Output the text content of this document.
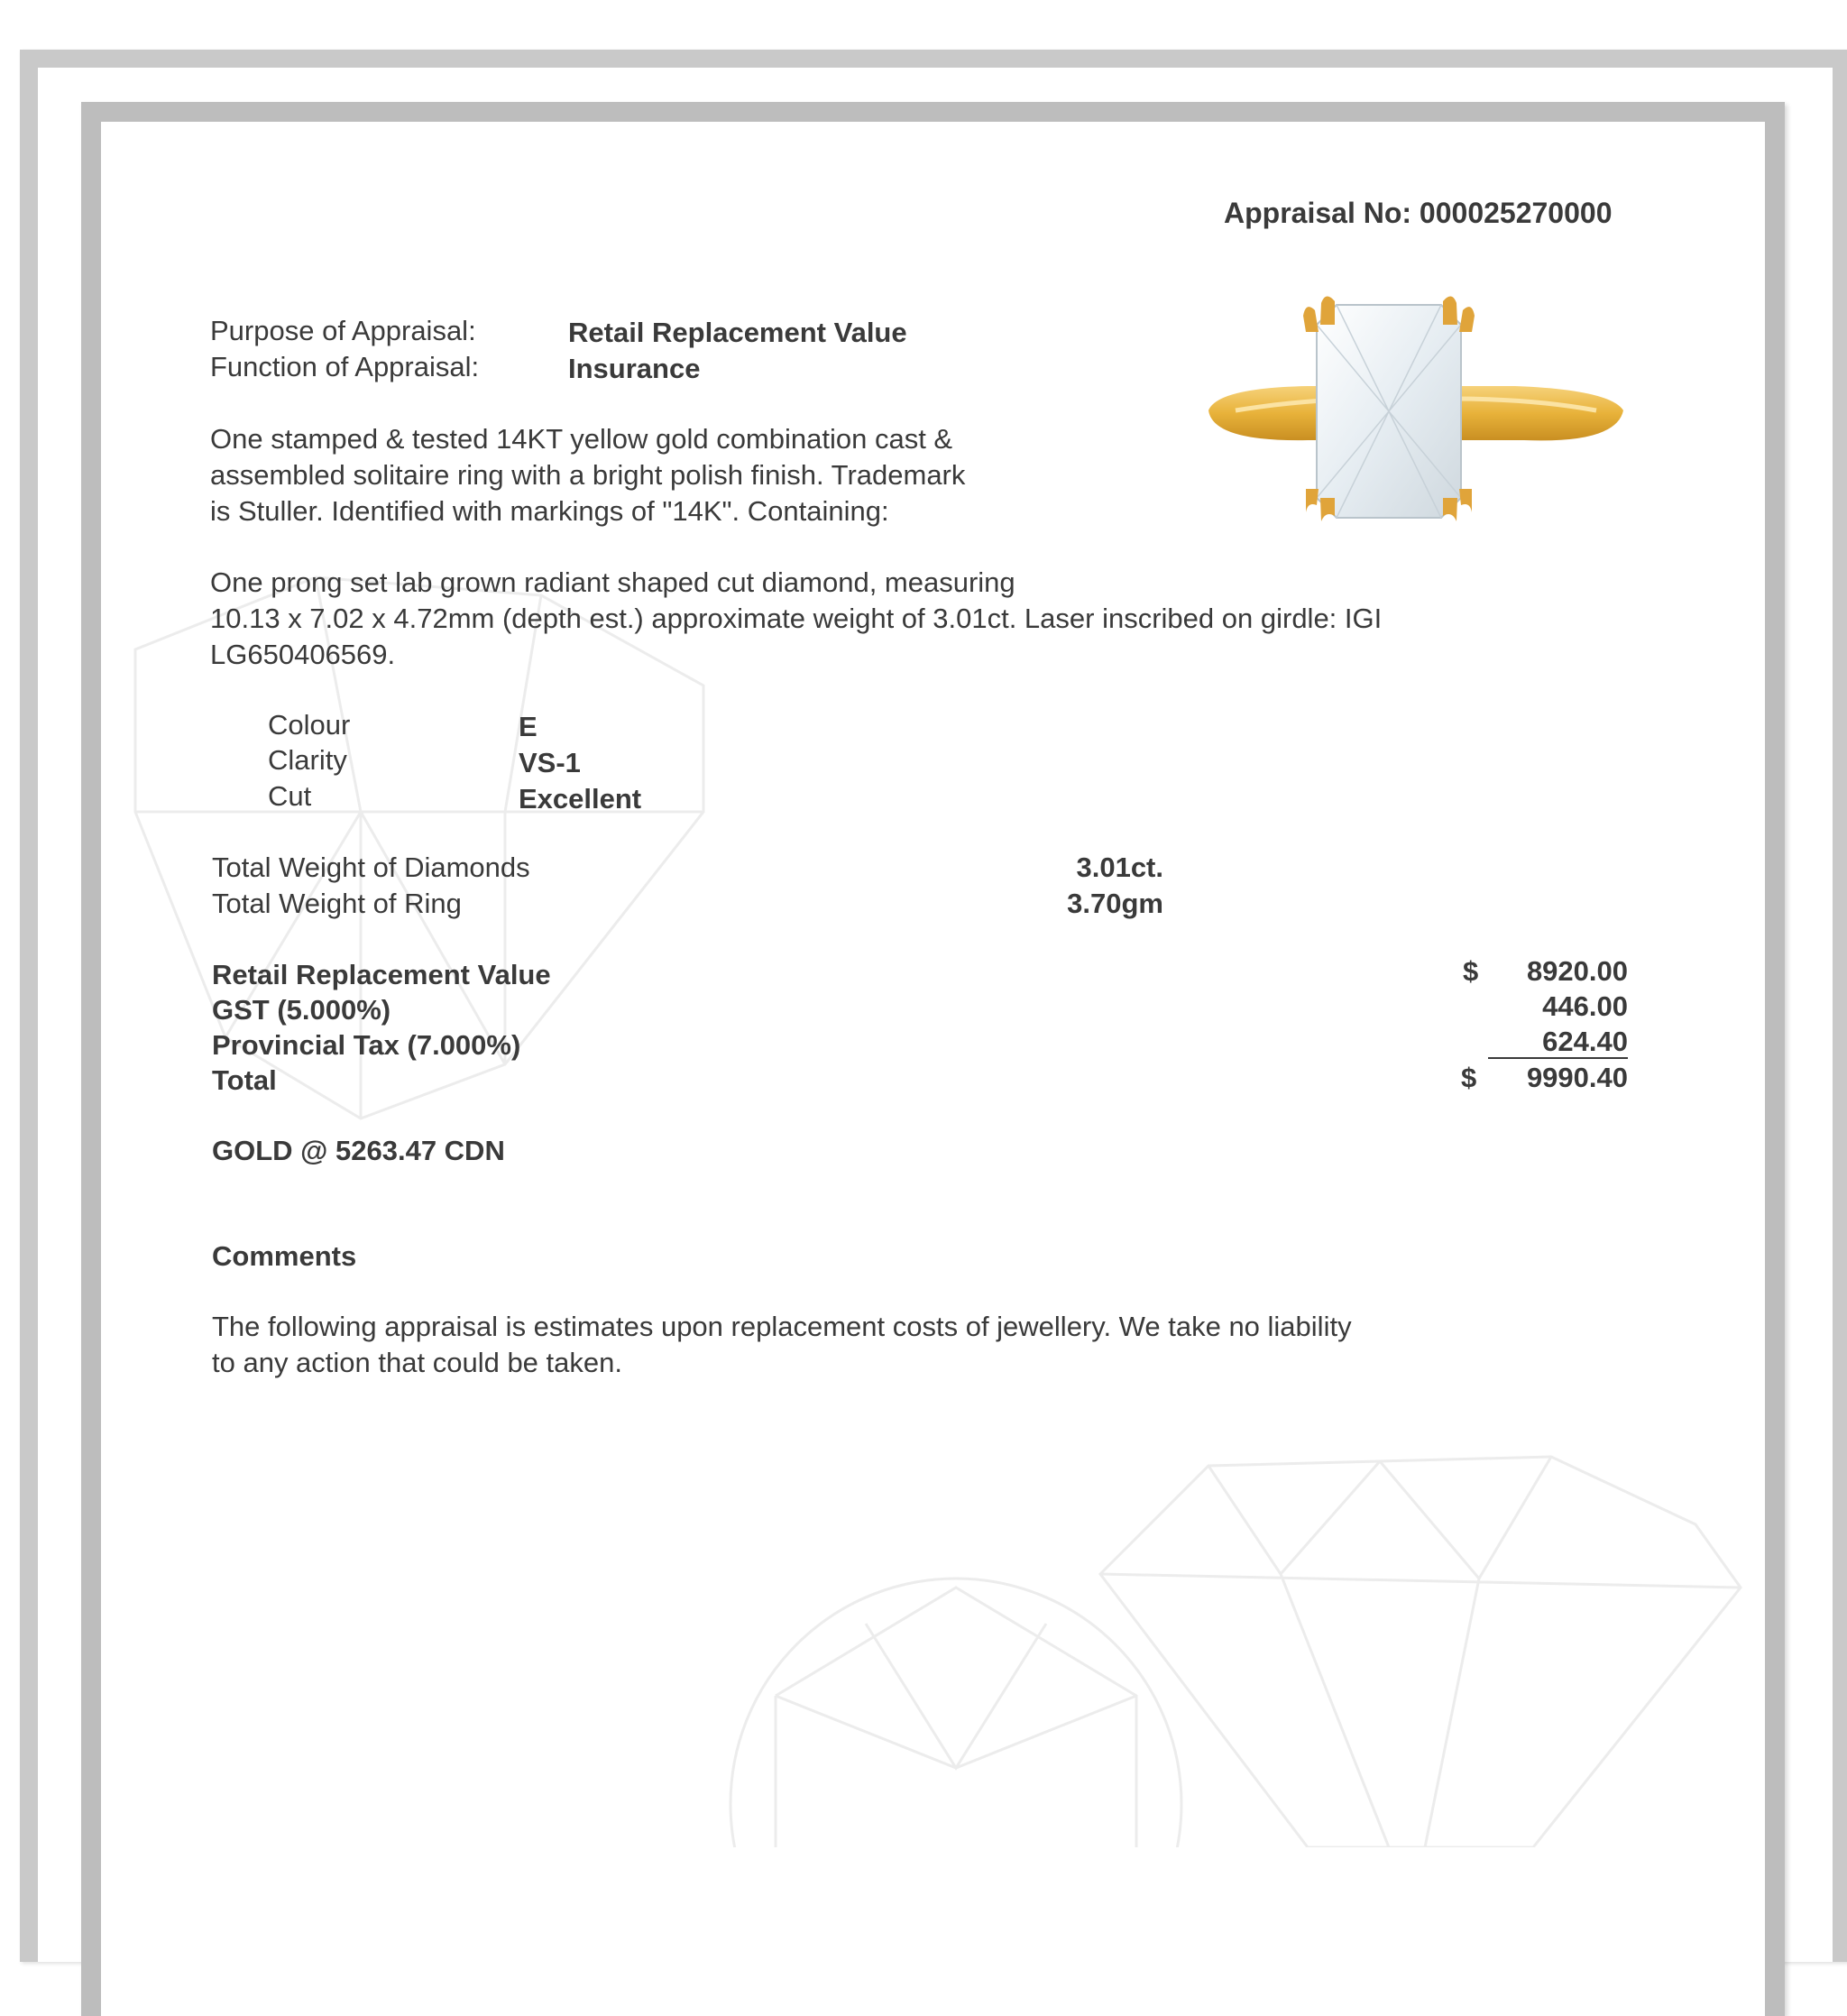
Appraisal No: 000025270000
Purpose of Appraisal:	Retail Replacement Value
Function of Appraisal:	Insurance
One stamped & tested 14KT yellow gold combination cast &
assembled solitaire ring with a bright polish finish. Trademark
is Stuller. Identified with markings of "14K". Containing:
One prong set lab grown radiant shaped cut diamond, measuring
10.13 x 7.02 x 4.72mm (depth est.) approximate weight of 3.01ct. Laser inscribed on girdle: IGI
LG650406569.
Colour	E
Clarity	VS-1
Cut	Excellent
Total Weight of Diamonds	3.01ct.
Total Weight of Ring	3.70gm
Retail Replacement Value	$	8920.00
GST (5.000%)	446.00
Provincial Tax (7.000%)	624.40
Total	$	9990.40
GOLD @ 5263.47 CDN
Comments
The following appraisal is estimates upon replacement costs of jewellery. We take no liability
to any action that could be taken.
